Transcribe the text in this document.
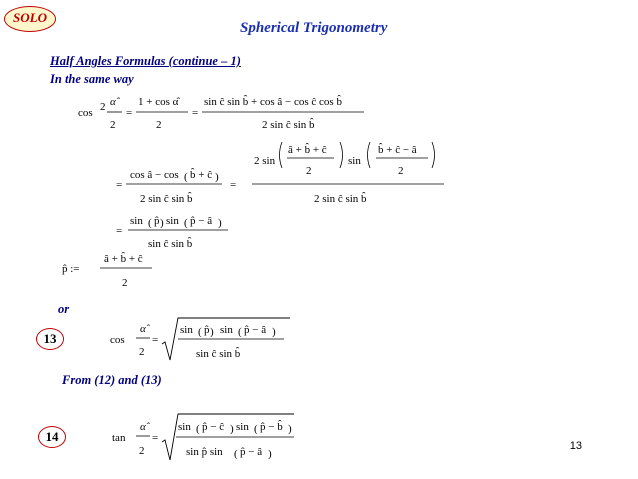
SOLO
Spherical Trigonometry
Half Angles Formulas (continue – 1)
In the same way
or
From (12) and (13)
13
14
13
cos 2 α̂
2
=
1 + cos α̂
2
=
sin ĉ sin b̂ + cos â − cos ĉ cos b̂
2 sin ĉ sin b̂
=
cos â − cos ( b̂ + ĉ )
2 sin ĉ sin b̂
=
2 sin
â + b̂ + ĉ
2
sin
b̂ + ĉ − â
2
2 sin ĉ sin b̂
=
sin ( p̂ ) sin ( p̂ − â )
sin ĉ sin b̂
p̂ :=
â + b̂ + ĉ
2
cos
α̂
2
=
sin ( p̂ ) sin ( p̂ − â )
sin ĉ sin b̂
tan
α̂
2
=
sin ( p̂ − ĉ ) sin ( p̂ − b̂ )
sin p̂ sin ( p̂ − â )
